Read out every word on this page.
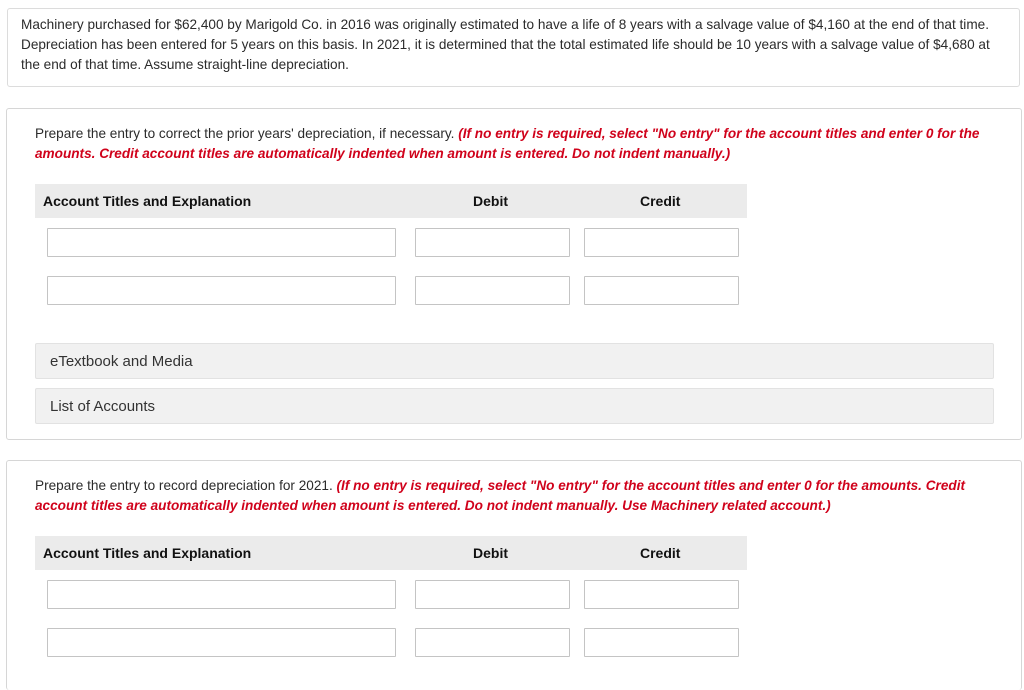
Machinery purchased for $62,400 by Marigold Co. in 2016 was originally estimated to have a life of 8 years with a salvage value of $4,160 at the end of that time. Depreciation has been entered for 5 years on this basis. In 2021, it is determined that the total estimated life should be 10 years with a salvage value of $4,680 at the end of that time. Assume straight-line depreciation.
Prepare the entry to correct the prior years' depreciation, if necessary. (If no entry is required, select "No entry" for the account titles and enter 0 for the amounts. Credit account titles are automatically indented when amount is entered. Do not indent manually.)
Account Titles and Explanation	Debit	Credit
eTextbook and Media
List of Accounts
Prepare the entry to record depreciation for 2021. (If no entry is required, select "No entry" for the account titles and enter 0 for the amounts. Credit account titles are automatically indented when amount is entered. Do not indent manually. Use Machinery related account.)
Account Titles and Explanation	Debit	Credit
